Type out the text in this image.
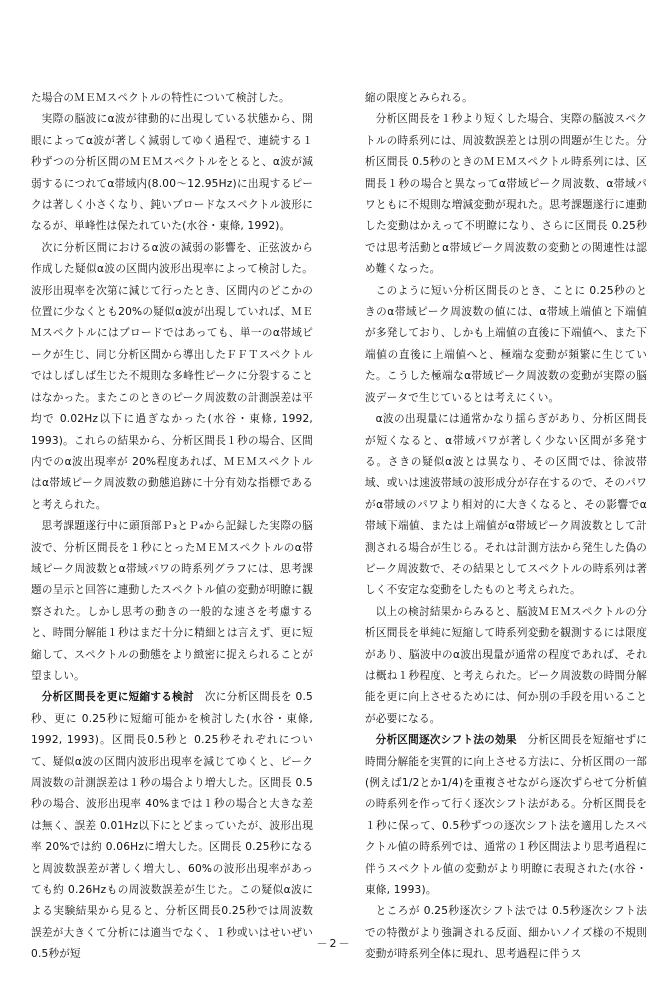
た場合のＭＥＭスペクトルの特性について検討した。

実際の脳波にα波が律動的に出現している状態から、開眼によってα波が著しく減弱してゆく過程で、連続する１秒ずつの分析区間のＭＥＭスペクトルをとると、α波が減弱するにつれてα帯域内(8.00～12.95Hz)に出現するピークは著しく小さくなり、鈍いブロードなスペクトル波形になるが、単峰性は保たれていた(水谷・東條, 1992)。

次に分析区間におけるα波の減弱の影響を、正弦波から作成した疑似α波の区間内波形出現率によって検討した。波形出現率を次第に減じて行ったとき、区間内のどこかの位置に少なくとも20%の疑似α波が出現していれば、ＭＥＭスペクトルにはブロードではあっても、単一のα帯域ピークが生じ、同じ分析区間から導出したＦＦＴスペクトルではしばしば生じた不規則な多峰性ピークに分裂することはなかった。またこのときのピーク周波数の計測誤差は平均で 0.02Hz以下に過ぎなかった(水谷・東條, 1992, 1993)。これらの結果から、分析区間長１秒の場合、区間内でのα波出現率が 20%程度あれば、ＭＥＭスペクトルはα帯域ピーク周波数の動態追跡に十分有効な指標であると考えられた。

思考課題遂行中に頭頂部Ｐ₃とＰ₄から記録した実際の脳波で、分析区間長を１秒にとったＭＥＭスペクトルのα帯域ピーク周波数とα帯域パワの時系列グラフには、思考課題の呈示と回答に連動したスペクトル値の変動が明瞭に観察された。しかし思考の動きの一般的な速さを考慮すると、時間分解能１秒はまだ十分に精細とは言えず、更に短縮して、スペクトルの動態をより緻密に捉えられることが望ましい。

分析区間長を更に短縮する検討　次に分析区間長を 0.5秒、更に 0.25秒に短縮可能かを検討した(水谷・東條, 1992, 1993)。区間長0.5秒と 0.25秒それぞれについて、疑似α波の区間内波形出現率を減じてゆくと、ピーク周波数の計測誤差は１秒の場合より増大した。区間長 0.5秒の場合、波形出現率 40%までは１秒の場合と大きな差は無く、誤差 0.01Hz以下にとどまっていたが、波形出現率 20%では約 0.06Hzに増大した。区間長 0.25秒になると周波数誤差が著しく増大し、60%の波形出現率があっても約 0.26Hzもの周波数誤差が生じた。この疑似α波による実験結果から見ると、分析区間長0.25秒では周波数誤差が大きくて分析には適当でなく、１秒或いはせいぜい 0.5秒が短

縮の限度とみられる。

分析区間長を１秒より短くした場合、実際の脳波スペクトルの時系列には、周波数誤差とは別の問題が生じた。分析区間長 0.5秒のときのＭＥＭスペクトル時系列には、区間長１秒の場合と異なってα帯域ピーク周波数、α帯域パワともに不規則な増減変動が現れた。思考課題遂行に連動した変動はかえって不明瞭になり、さらに区間長 0.25秒では思考活動とα帯域ピーク周波数の変動との関連性は認め難くなった。

このように短い分析区間長のとき、ことに 0.25秒のときのα帯域ピーク周波数の値には、α帯域上端値と下端値が多発しており、しかも上端値の直後に下端値へ、また下端値の直後に上端値へと、極端な変動が頻繁に生じていた。こうした極端なα帯域ピーク周波数の変動が実際の脳波データで生じているとは考えにくい。

α波の出現量には通常かなり揺らぎがあり、分析区間長が短くなると、α帯域パワが著しく少ない区間が多発する。さきの疑似α波とは異なり、その区間では、徐波帯域、或いは速波帯域の波形成分が存在するので、そのパワがα帯域のパワより相対的に大きくなると、その影響でα帯域下端値、または上端値がα帯域ピーク周波数として計測される場合が生じる。それは計測方法から発生した偽のピーク周波数で、その結果としてスペクトルの時系列は著しく不安定な変動をしたものと考えられた。

以上の検討結果からみると、脳波ＭＥＭスペクトルの分析区間長を単純に短縮して時系列変動を観測するには限度があり、脳波中のα波出現量が通常の程度であれば、それは概ね１秒程度、と考えられた。ピーク周波数の時間分解能を更に向上させるためには、何か別の手段を用いることが必要になる。

分析区間逐次シフト法の効果　分析区間長を短縮せずに時間分解能を実質的に向上させる方法に、分析区間の一部(例えば1/2とか1/4)を重複させながら逐次ずらせて分析値の時系列を作って行く逐次シフト法がある。分析区間長を１秒に保って、0.5秒ずつの逐次シフト法を適用したスペクトル値の時系列では、通常の１秒区間法より思考過程に伴うスペクトル値の変動がより明瞭に表現された(水谷・東條, 1993)。

ところが 0.25秒逐次シフト法では 0.5秒逐次シフト法での特徴がより強調される反面、細かいノイズ様の不規則変動が時系列全体に現れ、思考過程に伴うス

－2－
